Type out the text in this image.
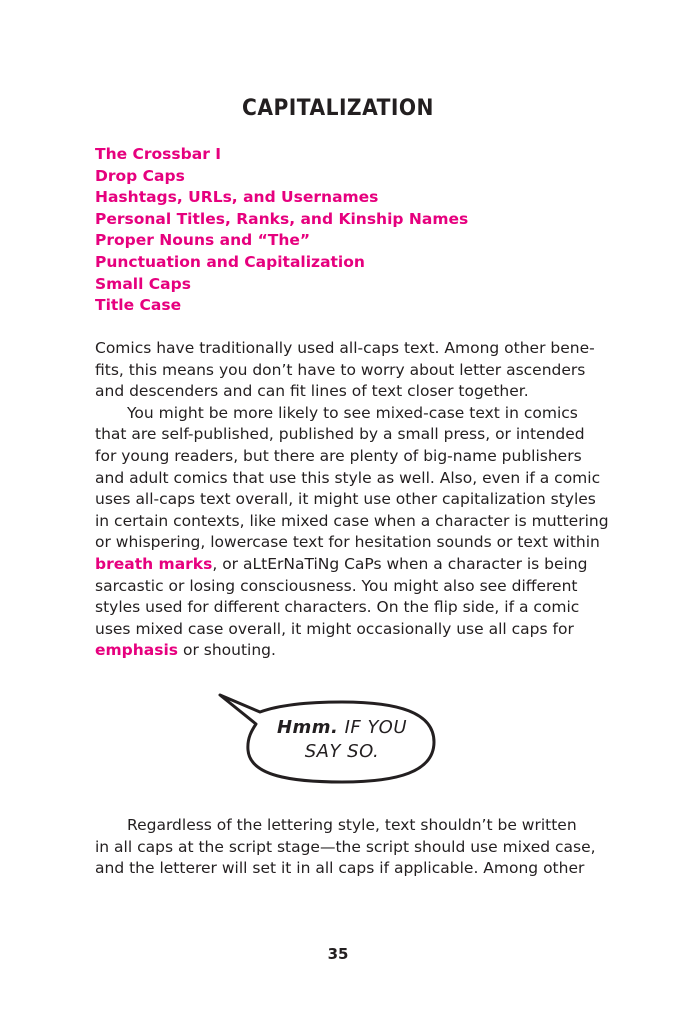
CAPITALIZATION
The Crossbar I
Drop Caps
Hashtags, URLs, and Usernames
Personal Titles, Ranks, and Kinship Names
Proper Nouns and “The”
Punctuation and Capitalization
Small Caps
Title Case
Comics have traditionally used all-caps text. Among other bene-
fits, this means you don’t have to worry about letter ascenders
and descenders and can fit lines of text closer together.
You might be more likely to see mixed-case text in comics
that are self-published, published by a small press, or intended
for young readers, but there are plenty of big-name publishers
and adult comics that use this style as well. Also, even if a comic
uses all-caps text overall, it might use other capitalization styles
in certain contexts, like mixed case when a character is muttering
or whispering, lowercase text for hesitation sounds or text within
breath marks, or aLtErNaTiNg CaPs when a character is being
sarcastic or losing consciousness. You might also see different
styles used for different characters. On the flip side, if a comic
uses mixed case overall, it might occasionally use all caps for
emphasis or shouting.
Hmm. IF YOU
SAY SO.
Regardless of the lettering style, text shouldn’t be written
in all caps at the script stage—the script should use mixed case,
and the letterer will set it in all caps if applicable. Among other
35
